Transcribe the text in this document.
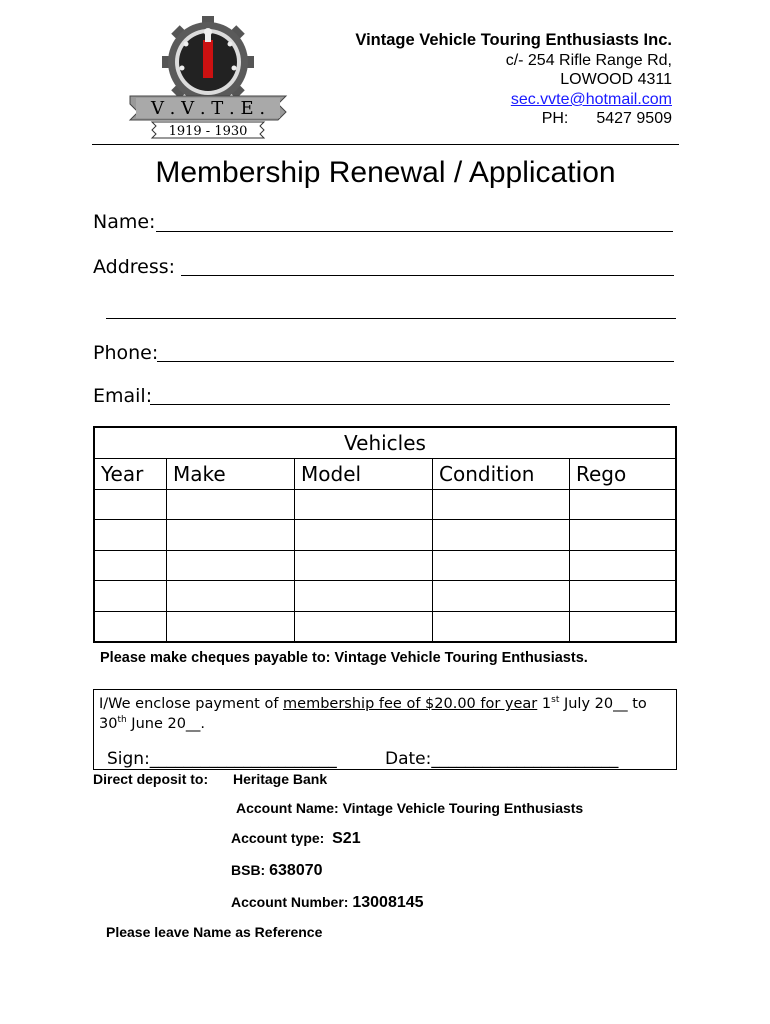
V . V . T . E .
1919 - 1930
Vintage Vehicle Touring Enthusiasts Inc.
c/- 254 Rifle Range Rd,
LOWOOD 4311
sec.vvte@hotmail.com
PH: 5427 9509
Membership Renewal / Application
Name:
Address:
Phone:
Email:
Vehicles				
Year	Make	Model	Condition	Rego

Please make cheques payable to: Vintage Vehicle Touring Enthusiasts.
I/We enclose payment of membership fee of $20.00 for year 1st July 20__ to
30th June 20__.
Sign:______________________	Date:______________________
Direct deposit to: Heritage Bank
Account Name: Vintage Vehicle Touring Enthusiasts
Account type: S21
BSB: 638070
Account Number: 13008145
Please leave Name as Reference
